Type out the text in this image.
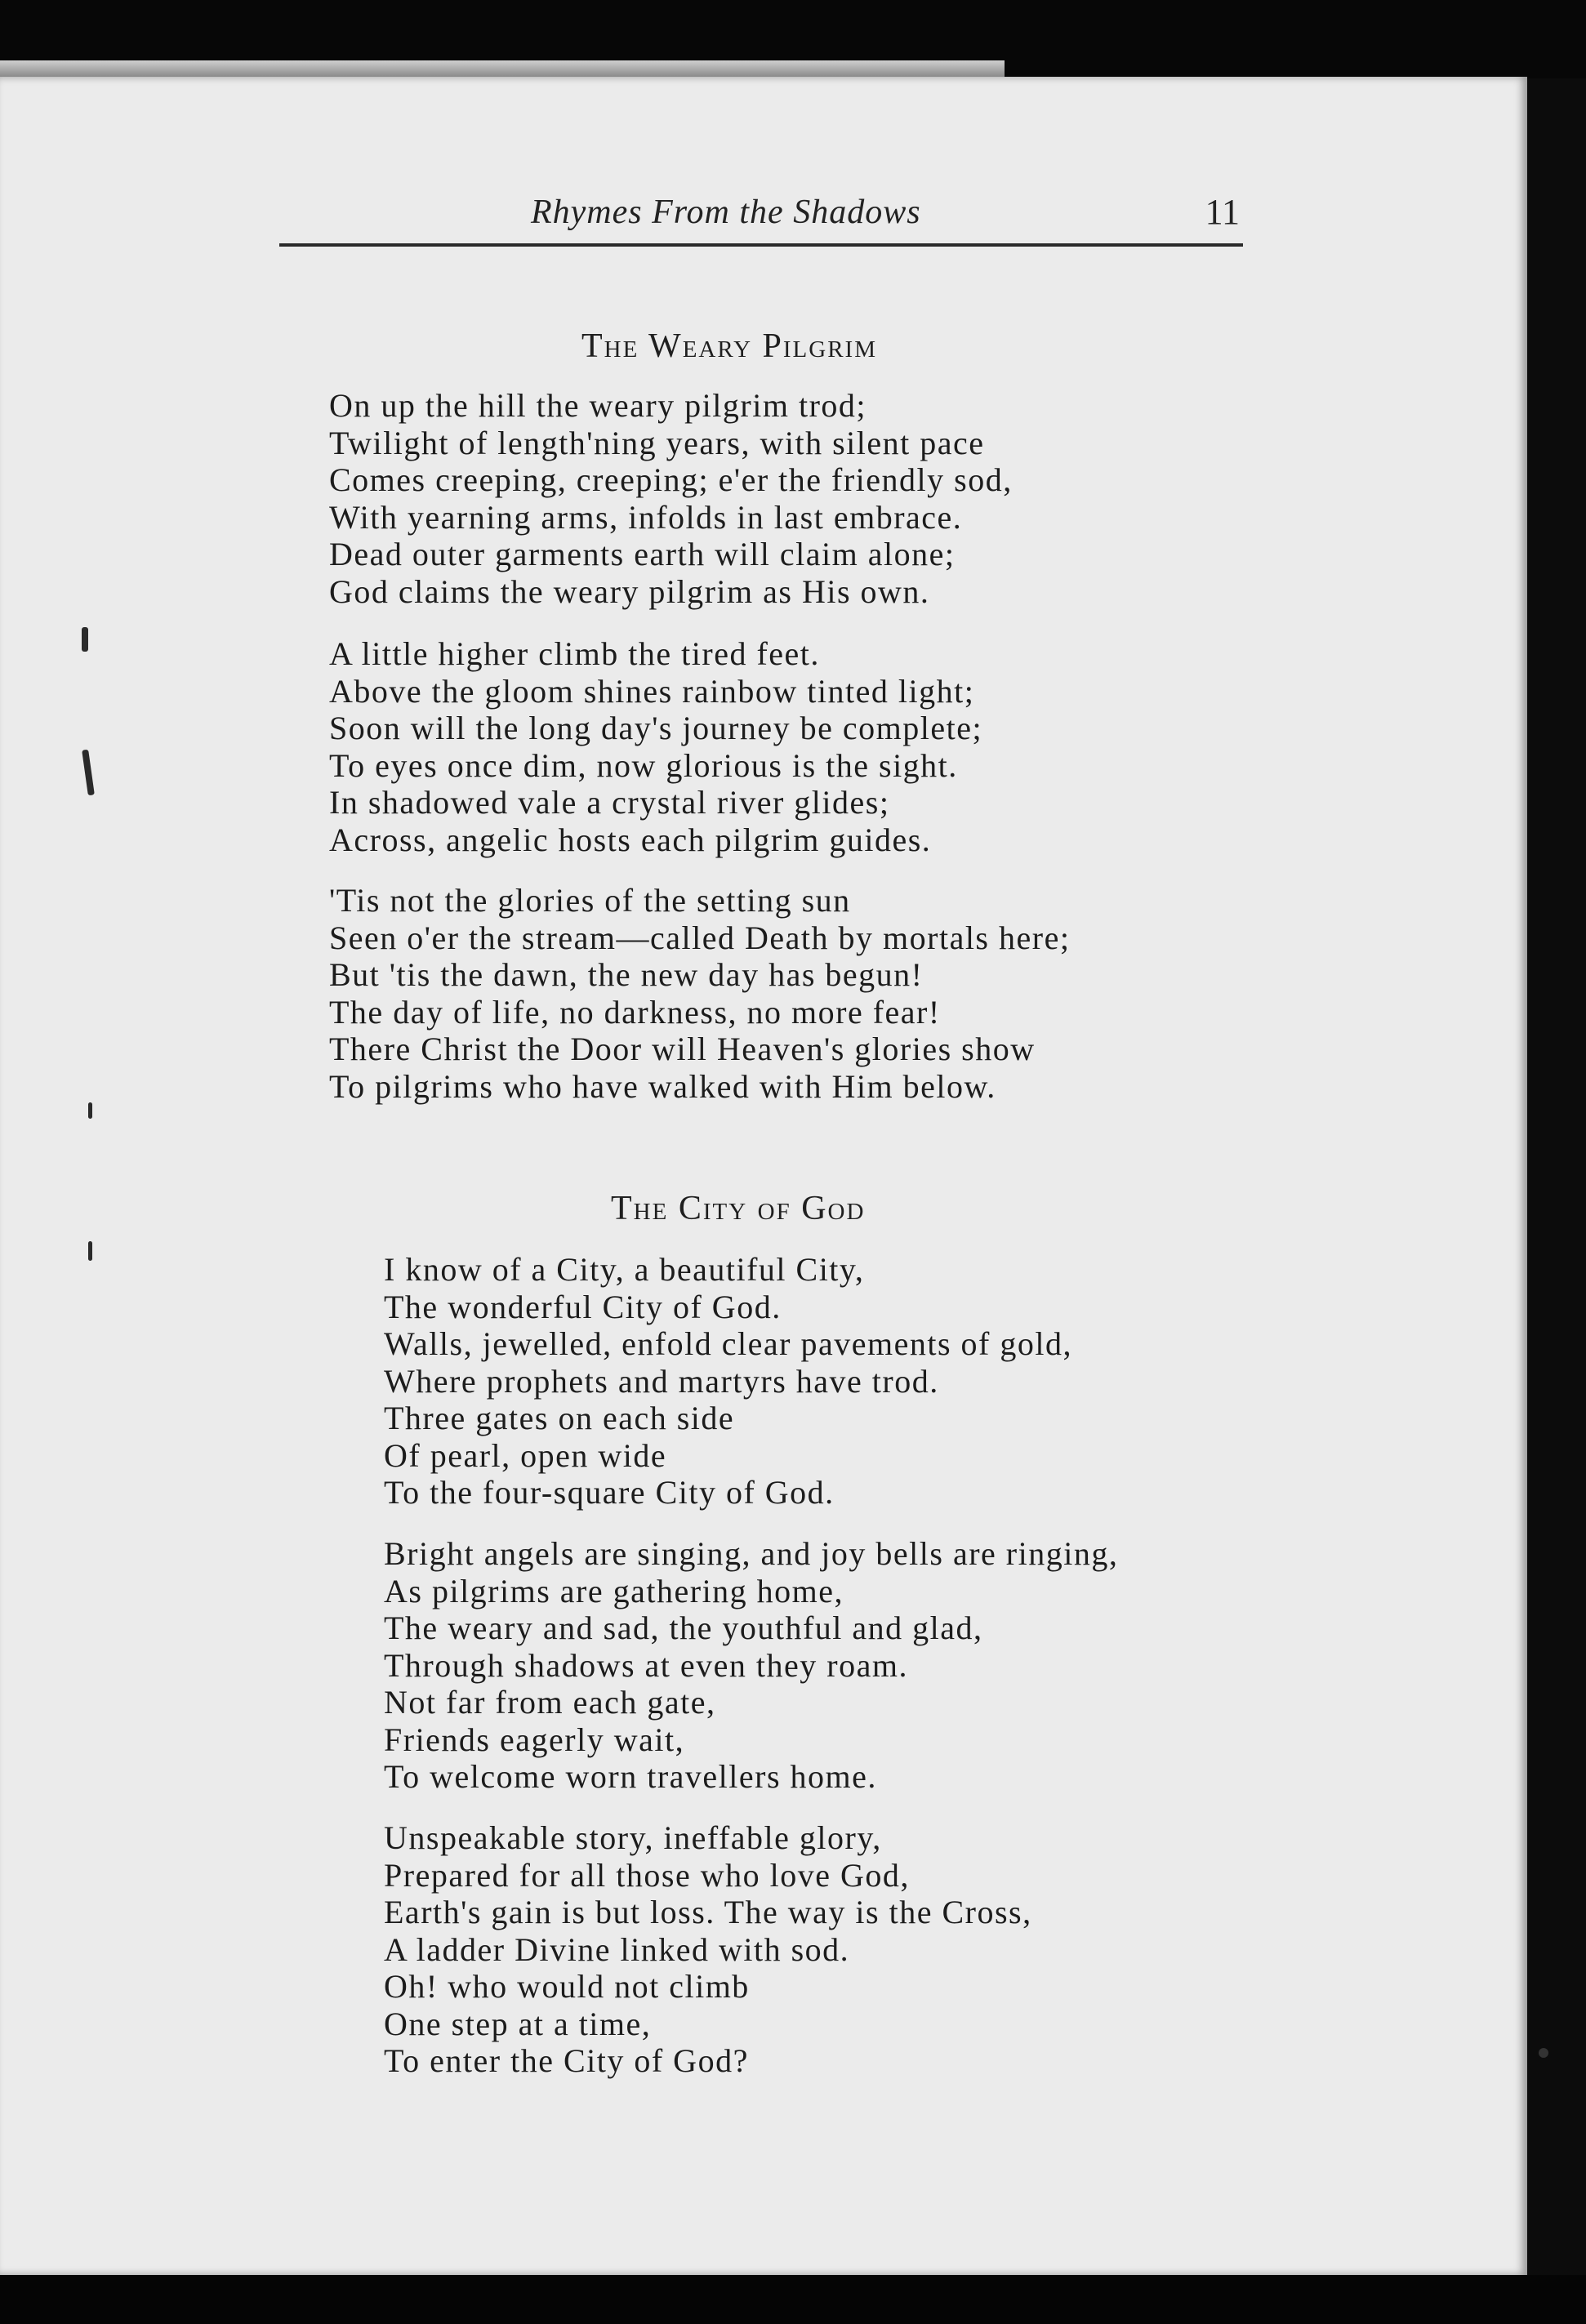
Rhymes From the Shadows	11
The Weary Pilgrim
On up the hill the weary pilgrim trod;
Twilight of length'ning years, with silent pace
Comes creeping, creeping; e'er the friendly sod,
With yearning arms, infolds in last embrace.
Dead outer garments earth will claim alone;
God claims the weary pilgrim as His own.
A little higher climb the tired feet.
Above the gloom shines rainbow tinted light;
Soon will the long day's journey be complete;
To eyes once dim, now glorious is the sight.
In shadowed vale a crystal river glides;
Across, angelic hosts each pilgrim guides.
'Tis not the glories of the setting sun
Seen o'er the stream—called Death by mortals here;
But 'tis the dawn, the new day has begun!
The day of life, no darkness, no more fear!
There Christ the Door will Heaven's glories show
To pilgrims who have walked with Him below.
The City of God
I know of a City, a beautiful City,
The wonderful City of God.
Walls, jewelled, enfold clear pavements of gold,
Where prophets and martyrs have trod.
Three gates on each side
Of pearl, open wide
To the four-square City of God.
Bright angels are singing, and joy bells are ringing,
As pilgrims are gathering home,
The weary and sad, the youthful and glad,
Through shadows at even they roam.
Not far from each gate,
Friends eagerly wait,
To welcome worn travellers home.
Unspeakable story, ineffable glory,
Prepared for all those who love God,
Earth's gain is but loss. The way is the Cross,
A ladder Divine linked with sod.
Oh! who would not climb
One step at a time,
To enter the City of God?
